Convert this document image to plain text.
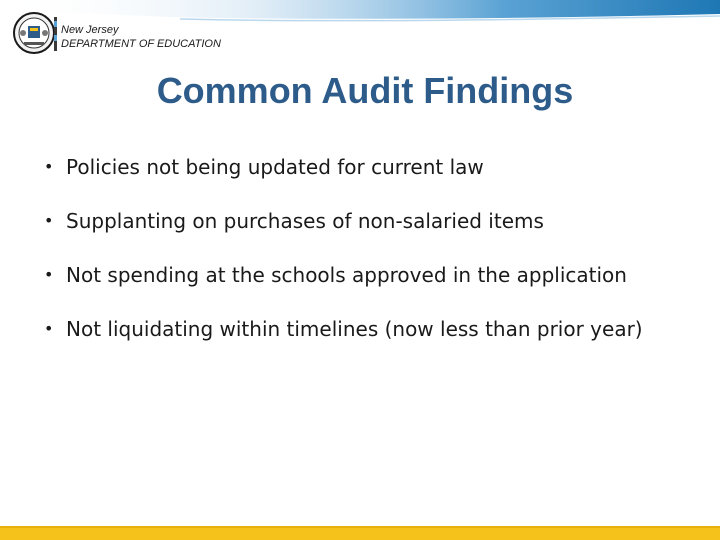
New Jersey
DEPARTMENT OF EDUCATION
Common Audit Findings
• Policies not being updated for current law
• Supplanting on purchases of non-salaried items
• Not spending at the schools approved in the application
• Not liquidating within timelines (now less than prior year)
